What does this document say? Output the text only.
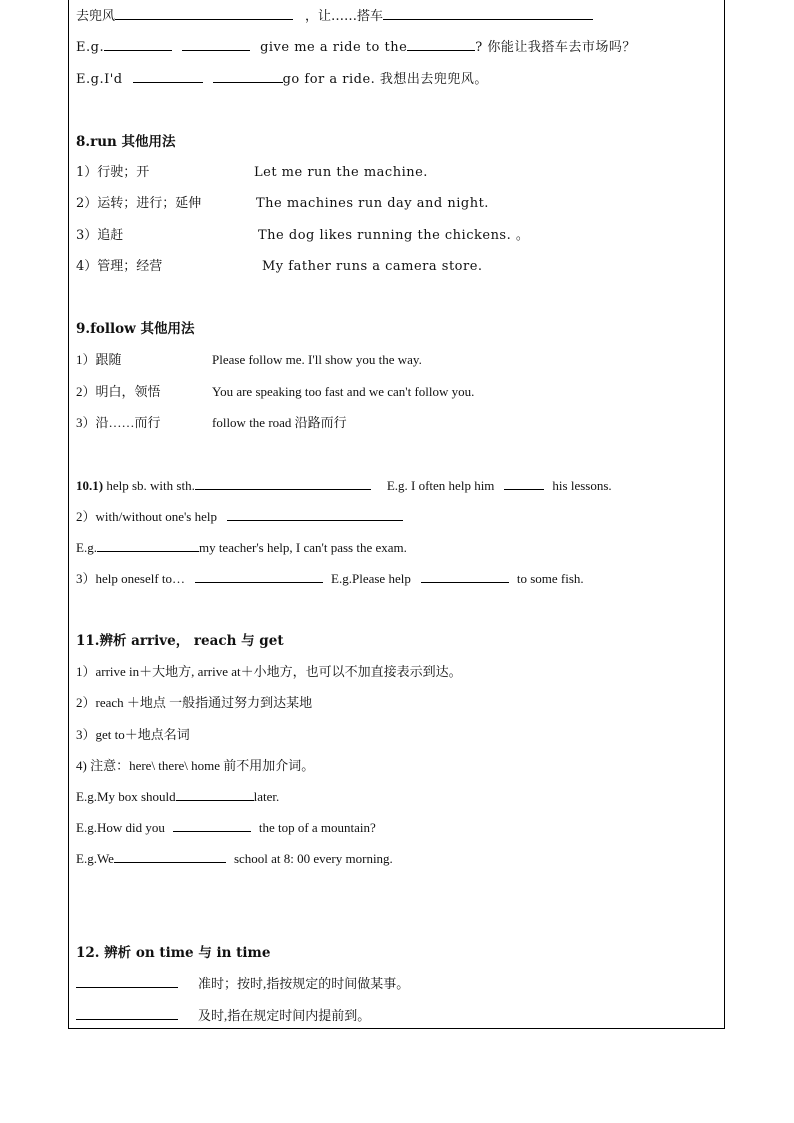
去兜风	，让……搭车
E.g.	give me a ride to the	? 你能让我搭车去市场吗？
E.g.I'd	go for a ride. 我想出去兜兜风。
8.run 其他用法
1）行驶；开	Let me run the machine.
2）运转；进行；延伸	The machines run day and night.
3）追赶	The dog likes running the chickens. 。
4）管理；经营	My father runs a camera store.
9.follow 其他用法
1）跟随	Please follow me. I'll show you the way.
2）明白，领悟	You are speaking too fast and we can't follow you.
3）沿……而行	follow the road 沿路而行
10.1) help sb. with sth.	E.g. I often help him	his lessons.
2）with/without one's help
E.g.	my teacher's help, I can't pass the exam.
3）help oneself to…	E.g.Please help	to some fish.
11.辨析 arrive， reach 与 get
1）arrive in＋大地方, arrive at＋小地方，也可以不加直接表示到达。
2）reach ＋地点 一般指通过努力到达某地
3）get to＋地点名词
4) 注意：here\ there\ home 前不用加介词。
E.g.My box should	later.
E.g.How did you	the top of a mountain?
E.g.We	school at 8: 00 every morning.
12. 辨析 on time 与 in time
准时；按时,指按规定的时间做某事。
及时,指在规定时间内提前到。
